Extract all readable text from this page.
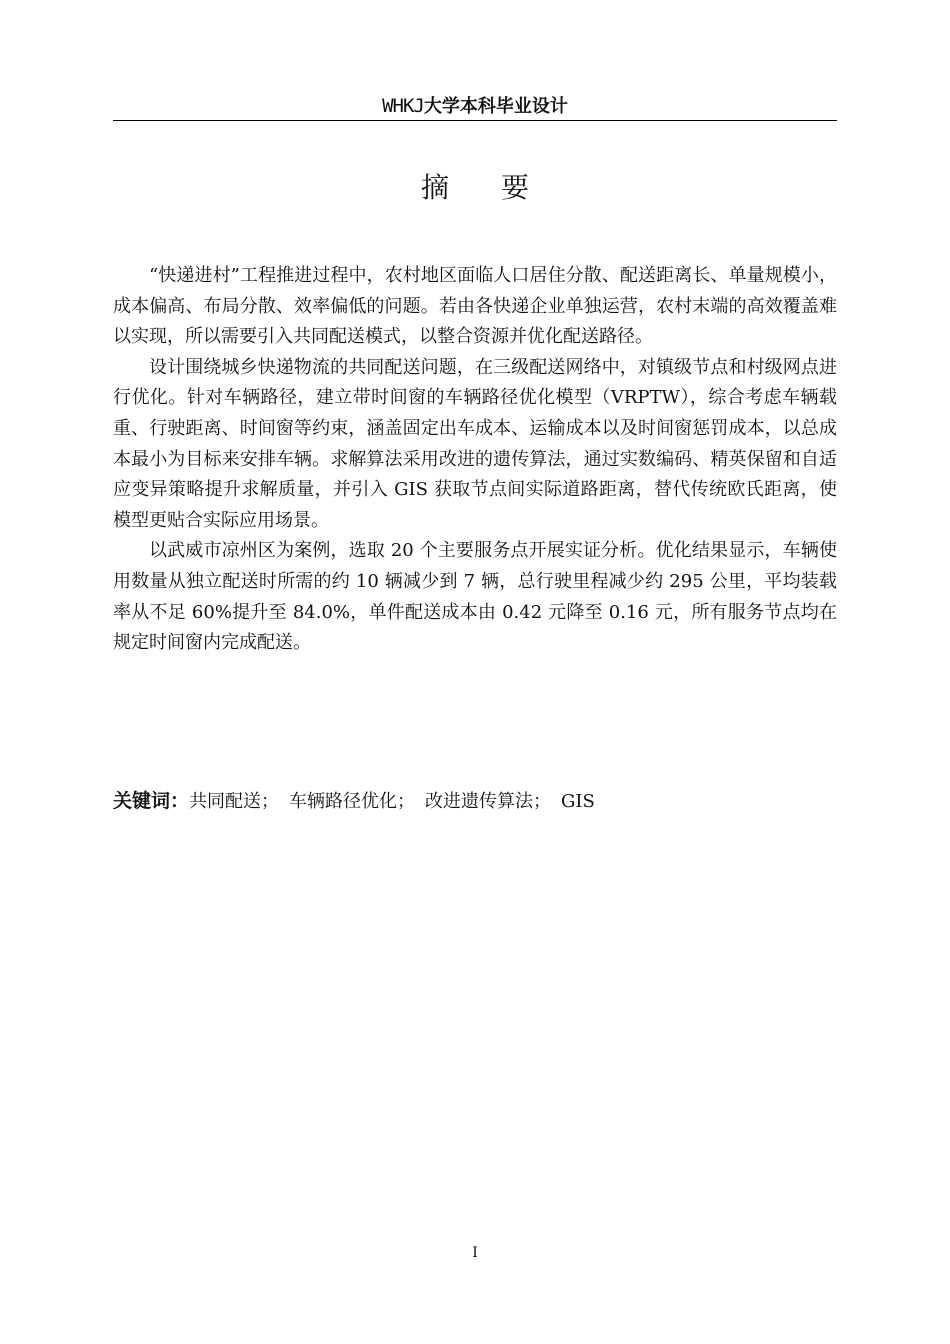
WHKJ大学本科毕业设计
摘要

“快递进村”工程推进过程中，农村地区面临人口居住分散、配送距离长、单量规模小，成本偏高、布局分散、效率偏低的问题。若由各快递企业单独运营，农村末端的高效覆盖难以实现，所以需要引入共同配送模式，以整合资源并优化配送路径。

设计围绕城乡快递物流的共同配送问题，在三级配送网络中，对镇级节点和村级网点进行优化。针对车辆路径，建立带时间窗的车辆路径优化模型（VRPTW），综合考虑车辆载重、行驶距离、时间窗等约束，涵盖固定出车成本、运输成本以及时间窗惩罚成本，以总成本最小为目标来安排车辆。求解算法采用改进的遗传算法，通过实数编码、精英保留和自适应变异策略提升求解质量，并引入 GIS 获取节点间实际道路距离，替代传统欧氏距离，使模型更贴合实际应用场景。

以武威市凉州区为案例，选取 20 个主要服务点开展实证分析。优化结果显示，车辆使用数量从独立配送时所需的约 10 辆减少到 7 辆，总行驶里程减少约 295 公里，平均装载率从不足 60%提升至 84.0%，单件配送成本由 0.42 元降至 0.16 元，所有服务节点均在规定时间窗内完成配送。

关键词：共同配送； 车辆路径优化； 改进遗传算法； GIS
I
